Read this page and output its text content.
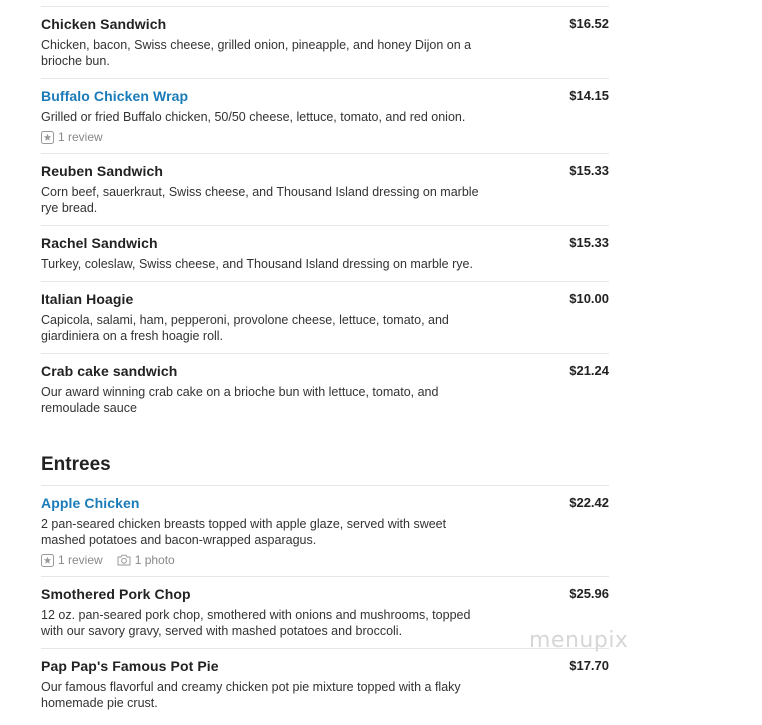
Chicken Sandwich	$16.52
Chicken, bacon, Swiss cheese, grilled onion, pineapple, and honey Dijon on a brioche bun.
Buffalo Chicken Wrap	$14.15
Grilled or fried Buffalo chicken, 50/50 cheese, lettuce, tomato, and red onion.
1 review
Reuben Sandwich	$15.33
Corn beef, sauerkraut, Swiss cheese, and Thousand Island dressing on marble rye bread.
Rachel Sandwich	$15.33
Turkey, coleslaw, Swiss cheese, and Thousand Island dressing on marble rye.
Italian Hoagie	$10.00
Capicola, salami, ham, pepperoni, provolone cheese, lettuce, tomato, and giardiniera on a fresh hoagie roll.
Crab cake sandwich	$21.24
Our award winning crab cake on a brioche bun with lettuce, tomato, and remoulade sauce
Entrees
Apple Chicken	$22.42
2 pan-seared chicken breasts topped with apple glaze, served with sweet mashed potatoes and bacon-wrapped asparagus.
1 review	1 photo
Smothered Pork Chop	$25.96
12 oz. pan-seared pork chop, smothered with onions and mushrooms, topped with our savory gravy, served with mashed potatoes and broccoli.
Pap Pap's Famous Pot Pie	$17.70
Our famous flavorful and creamy chicken pot pie mixture topped with a flaky homemade pie crust.
menupix
